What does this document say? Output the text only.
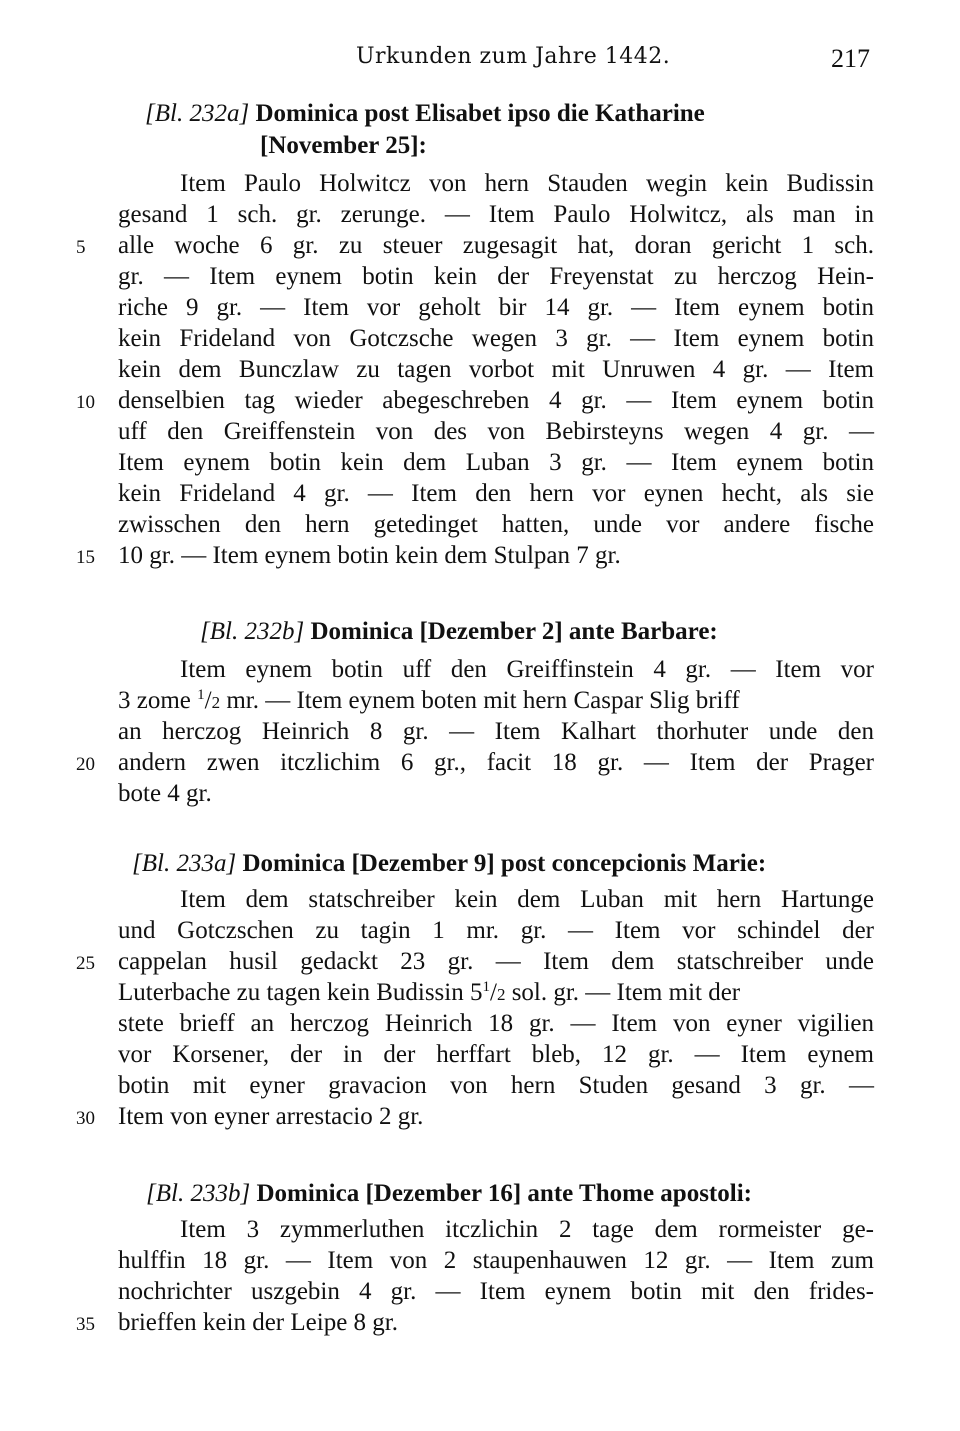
Urkunden zum Jahre 1442.	217
[Bl. 232a] Dominica post Elisabet ipso die Katharine
[November 25]:
Item Paulo Holwitcz von hern Stauden wegin kein Budissin
gesand 1 sch. gr. zerunge. — Item Paulo Holwitcz, als man in
alle woche 6 gr. zu steuer zugesagit hat, doran gericht 1 sch.
gr. — Item eynem botin kein der Freyenstat zu herczog Hein-
riche 9 gr. — Item vor geholt bir 14 gr. — Item eynem botin
kein Frideland von Gotczsche wegen 3 gr. — Item eynem botin
kein dem Bunczlaw zu tagen vorbot mit Unruwen 4 gr. — Item
denselbien tag wieder abegeschreben 4 gr. — Item eynem botin
uff den Greiffenstein von des von Bebirsteyns wegen 4 gr. —
Item eynem botin kein dem Luban 3 gr. — Item eynem botin
kein Frideland 4 gr. — Item den hern vor eynen hecht, als sie
zwisschen den hern getedinget hatten, unde vor andere fische
10 gr. — Item eynem botin kein dem Stulpan 7 gr.
[Bl. 232b] Dominica [Dezember 2] ante Barbare:
Item eynem botin uff den Greiffinstein 4 gr. — Item vor
3 zome $^1$/2 mr. — Item eynem boten mit hern Caspar Slig briff
an herczog Heinrich 8 gr. — Item Kalhart thorhuter unde den
andern zwen itczlichim 6 gr., facit 18 gr. — Item der Prager
bote 4 gr.
[Bl. 233a] Dominica [Dezember 9] post concepcionis Marie:
Item dem statschreiber kein dem Luban mit hern Hartunge
und Gotczschen zu tagin 1 mr. gr. — Item vor schindel der
cappelan husil gedackt 23 gr. — Item dem statschreiber unde
Luterbache zu tagen kein Budissin $5^1/2$ sol. gr. — Item mit der
stete brieff an herczog Heinrich 18 gr. — Item von eyner vigilien
vor Korsener, der in der herffart bleb, 12 gr. — Item eynem
botin mit eyner gravacion von hern Studen gesand 3 gr. —
Item von eyner arrestacio 2 gr.
[Bl. 233b] Dominica [Dezember 16] ante Thome apostoli:
Item 3 zymmerluthen itczlichin 2 tage dem rormeister ge-
hulffin 18 gr. — Item von 2 staupenhauwen 12 gr. — Item zum
nochrichter uszgebin 4 gr. — Item eynem botin mit den frides-
brieffen kein der Leipe 8 gr.
5
10
15
20
25
30
35
